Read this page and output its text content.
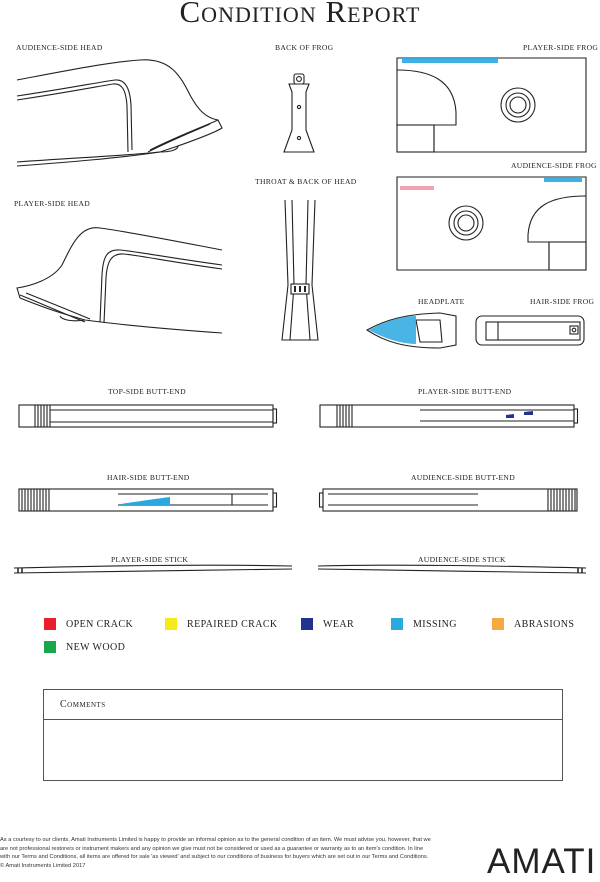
Condition Report
AUDIENCE-SIDE HEAD	BACK OF FROG	PLAYER-SIDE FROG
THROAT & BACK OF HEAD
AUDIENCE-SIDE FROG
PLAYER-SIDE HEAD
HEADPLATE	HAIR-SIDE FROG
TOP-SIDE BUTT-END	PLAYER-SIDE BUTT-END
HAIR-SIDE BUTT-END	AUDIENCE-SIDE BUTT-END
PLAYER-SIDE STICK	AUDIENCE-SIDE STICK
OPEN CRACK	REPAIRED CRACK	WEAR	MISSING	ABRASIONS
NEW WOOD
Comments
As a courtesy to our clients, Amati Instruments Limited is happy to provide an informal opinion as to the general condition of an item. We must advise you, however, that we are not professional restorers or instrument makers and any opinion we give must not be considered or used as a guarantee or warranty as to an item's condition. In line with our Terms and Conditions, all items are offered for sale 'as viewed' and subject to our conditions of business for buyers which are set out in our Terms and Conditions. © Amati Instruments Limited 2017	AMATI
